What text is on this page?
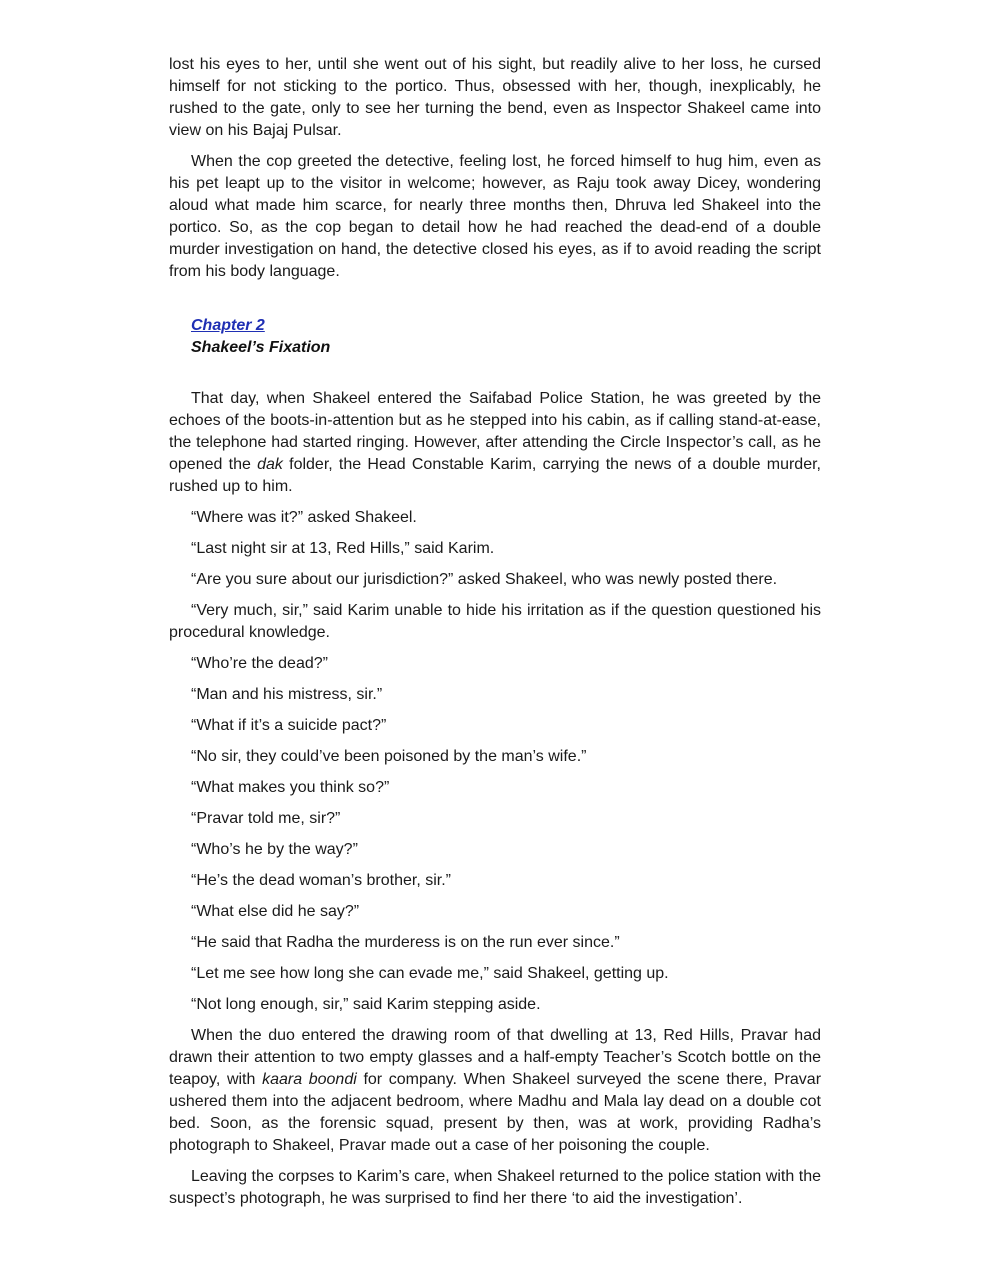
lost his eyes to her, until she went out of his sight, but readily alive to her loss, he cursed himself for not sticking to the portico. Thus, obsessed with her, though, inexplicably, he rushed to the gate, only to see her turning the bend, even as Inspector Shakeel came into view on his Bajaj Pulsar.

When the cop greeted the detective, feeling lost, he forced himself to hug him, even as his pet leapt up to the visitor in welcome; however, as Raju took away Dicey, wondering aloud what made him scarce, for nearly three months then, Dhruva led Shakeel into the portico. So, as the cop began to detail how he had reached the dead-end of a double murder investigation on hand, the detective closed his eyes, as if to avoid reading the script from his body language.

Chapter 2
Shakeel’s Fixation

That day, when Shakeel entered the Saifabad Police Station, he was greeted by the echoes of the boots-in-attention but as he stepped into his cabin, as if calling stand-at-ease, the telephone had started ringing. However, after attending the Circle Inspector’s call, as he opened the dak folder, the Head Constable Karim, carrying the news of a double murder, rushed up to him.

“Where was it?” asked Shakeel.

“Last night sir at 13, Red Hills,” said Karim.

“Are you sure about our jurisdiction?” asked Shakeel, who was newly posted there.

“Very much, sir,” said Karim unable to hide his irritation as if the question questioned his procedural knowledge.

“Who’re the dead?”

“Man and his mistress, sir.”

“What if it’s a suicide pact?”

“No sir, they could’ve been poisoned by the man’s wife.”

“What makes you think so?”

“Pravar told me, sir?”

“Who’s he by the way?”

“He’s the dead woman’s brother, sir.”

“What else did he say?”

“He said that Radha the murderess is on the run ever since.”

“Let me see how long she can evade me,” said Shakeel, getting up.

“Not long enough, sir,” said Karim stepping aside.

When the duo entered the drawing room of that dwelling at 13, Red Hills, Pravar had drawn their attention to two empty glasses and a half-empty Teacher’s Scotch bottle on the teapoy, with kaara boondi for company. When Shakeel surveyed the scene there, Pravar ushered them into the adjacent bedroom, where Madhu and Mala lay dead on a double cot bed. Soon, as the forensic squad, present by then, was at work, providing Radha’s photograph to Shakeel, Pravar made out a case of her poisoning the couple.

Leaving the corpses to Karim’s care, when Shakeel returned to the police station with the suspect’s photograph, he was surprised to find her there ‘to aid the investigation’.
